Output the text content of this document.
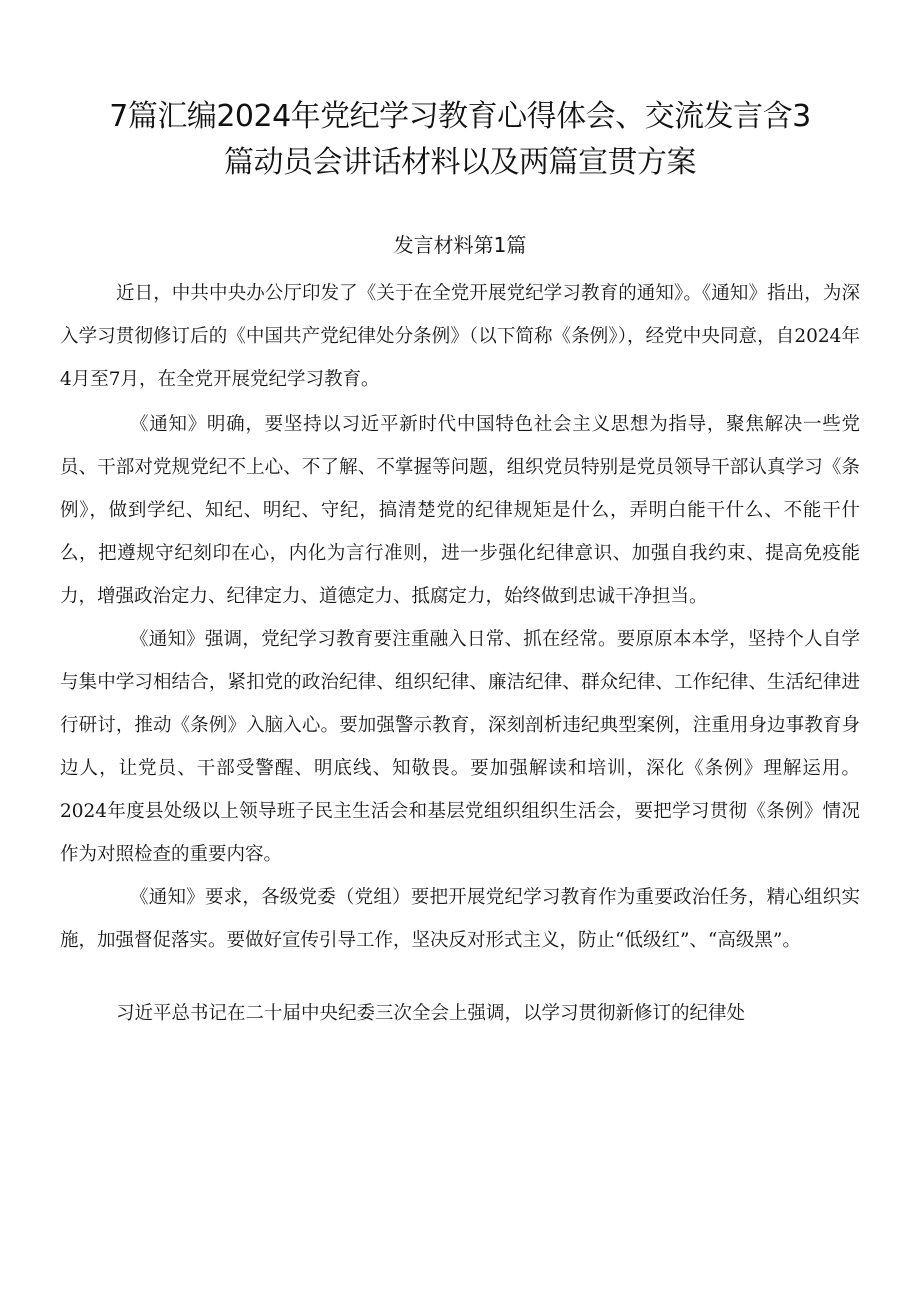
7篇汇编2024年党纪学习教育心得体会、交流发言含3
篇动员会讲话材料以及两篇宣贯方案
发言材料第1篇

近日，中共中央办公厅印发了《关于在全党开展党纪学习教育的通知》。《通知》指出，为深入学习贯彻修订后的《中国共产党纪律处分条例》（以下简称《条例》），经党中央同意，自2024年4月至7月，在全党开展党纪学习教育。

《通知》明确，要坚持以习近平新时代中国特色社会主义思想为指导，聚焦解决一些党员、干部对党规党纪不上心、不了解、不掌握等问题，组织党员特别是党员领导干部认真学习《条例》，做到学纪、知纪、明纪、守纪，搞清楚党的纪律规矩是什么，弄明白能干什么、不能干什么，把遵规守纪刻印在心，内化为言行准则，进一步强化纪律意识、加强自我约束、提高免疫能力，增强政治定力、纪律定力、道德定力、抵腐定力，始终做到忠诚干净担当。

《通知》强调，党纪学习教育要注重融入日常、抓在经常。要原原本本学，坚持个人自学与集中学习相结合，紧扣党的政治纪律、组织纪律、廉洁纪律、群众纪律、工作纪律、生活纪律进行研讨，推动《条例》入脑入心。要加强警示教育，深刻剖析违纪典型案例，注重用身边事教育身边人，让党员、干部受警醒、明底线、知敬畏。要加强解读和培训，深化《条例》理解运用。2024年度县处级以上领导班子民主生活会和基层党组织组织生活会，要把学习贯彻《条例》情况作为对照检查的重要内容。

《通知》要求，各级党委（党组）要把开展党纪学习教育作为重要政治任务，精心组织实施，加强督促落实。要做好宣传引导工作，坚决反对形式主义，防止“低级红”、“高级黑”。

习近平总书记在二十届中央纪委三次全会上强调，以学习贯彻新修订的纪律处
